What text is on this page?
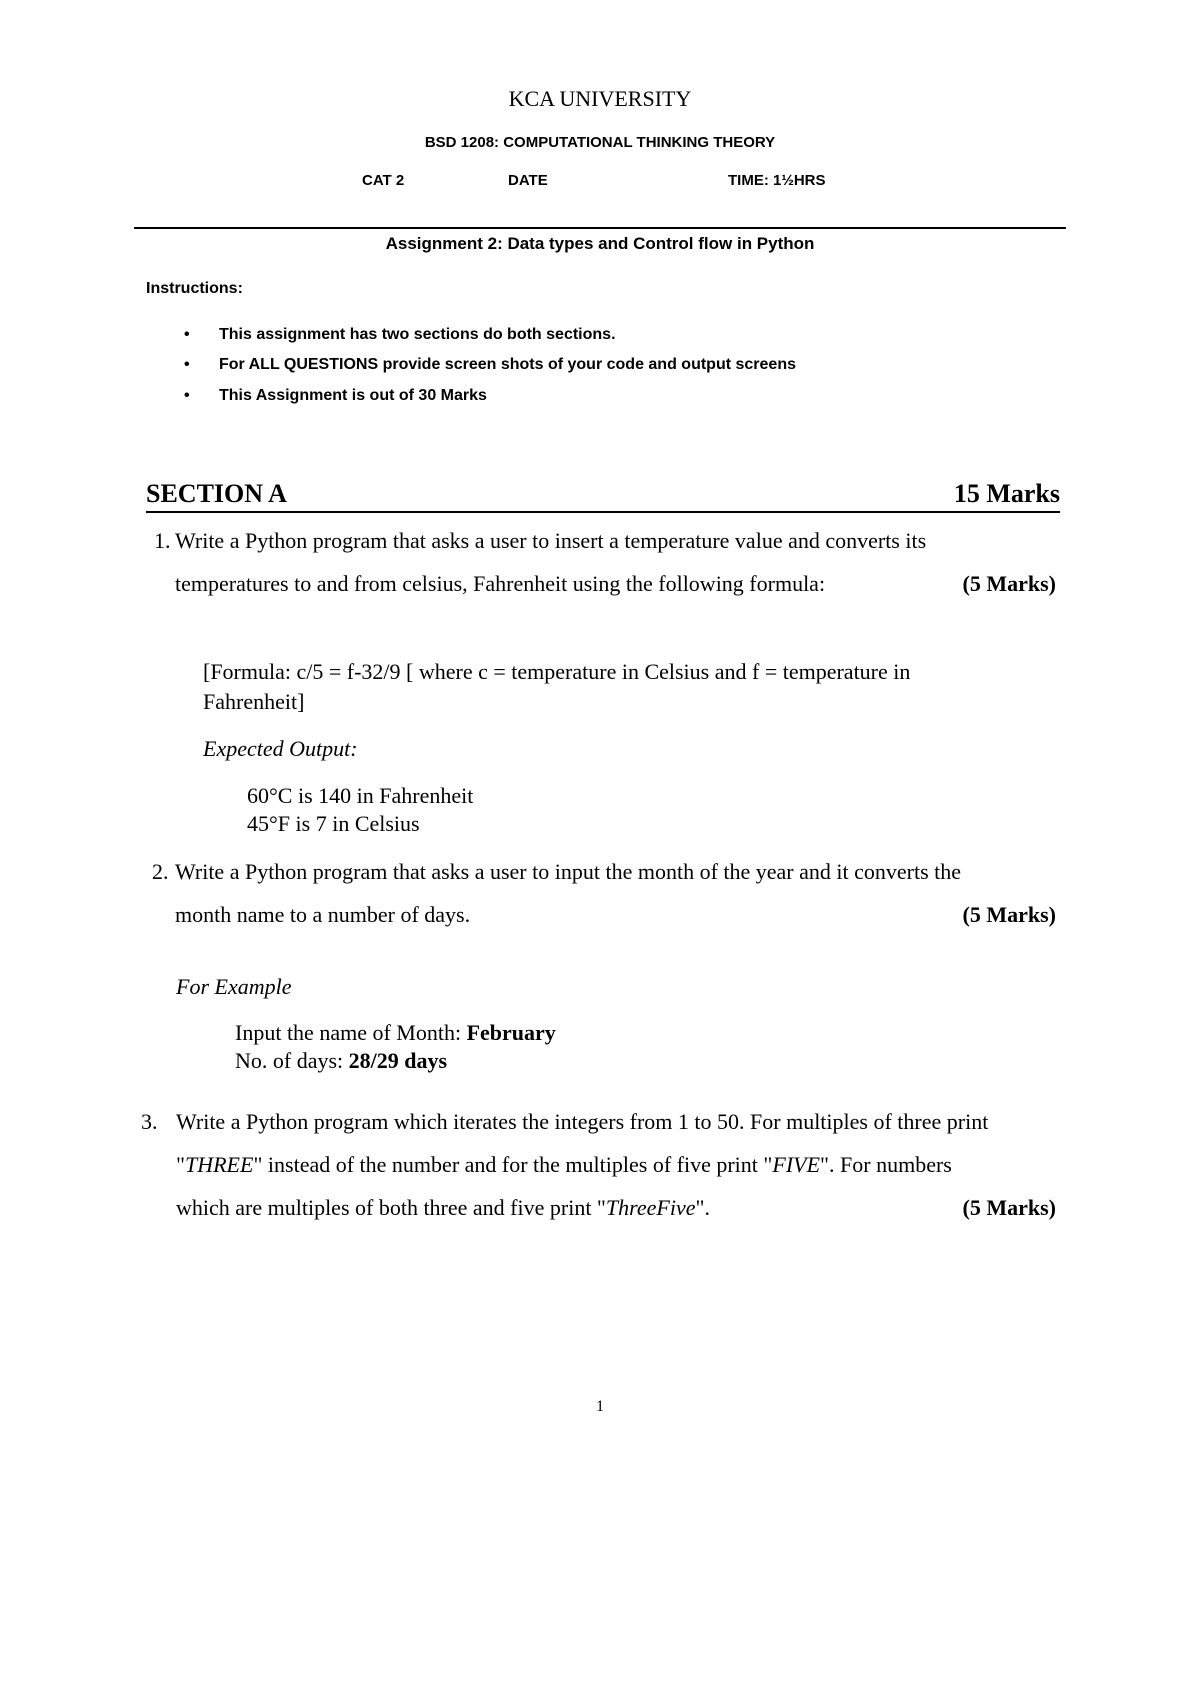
KCA UNIVERSITY
BSD 1208: COMPUTATIONAL THINKING THEORY
CAT 2	DATE	TIME: 1½HRS
Assignment 2: Data types and Control flow in Python
Instructions:
• This assignment has two sections do both sections.
• For ALL QUESTIONS provide screen shots of your code and output screens
• This Assignment is out of 30 Marks
SECTION A	15 Marks
1. Write a Python program that asks a user to insert a temperature value and converts its
temperatures to and from celsius, Fahrenheit using the following formula:	(5 Marks)
[Formula: c/5 = f-32/9 [ where c = temperature in Celsius and f = temperature in
Fahrenheit]
Expected Output:
60°C is 140 in Fahrenheit
45°F is 7 in Celsius
2. Write a Python program that asks a user to input the month of the year and it converts the
month name to a number of days.	(5 Marks)
For Example
Input the name of Month: February
No. of days: 28/29 days
3. Write a Python program which iterates the integers from 1 to 50. For multiples of three print
"THREE" instead of the number and for the multiples of five print "FIVE". For numbers
which are multiples of both three and five print "ThreeFive".	(5 Marks)
1
